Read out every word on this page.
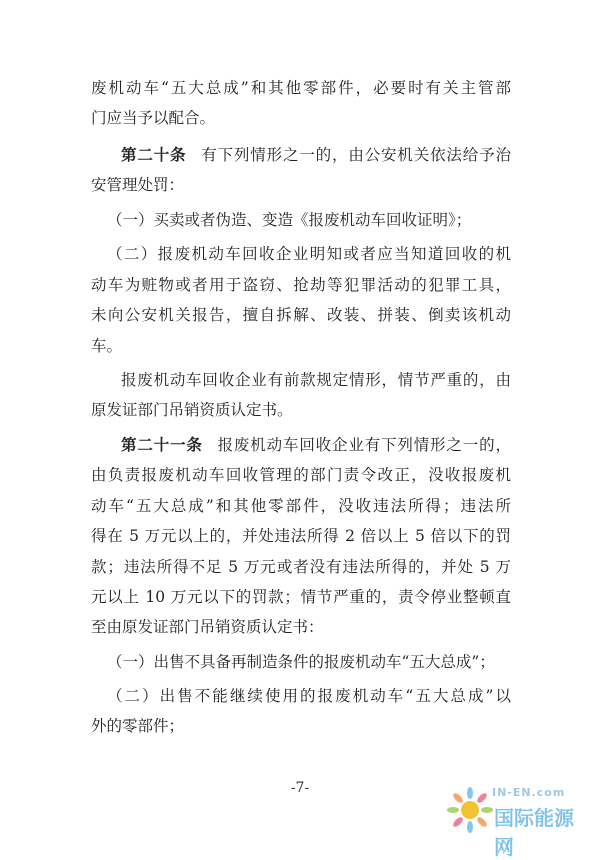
废机动车“五大总成”和其他零部件，必要时有关主管部
门应当予以配合。
第二十条 有下列情形之一的，由公安机关依法给予治
安管理处罚：
（一）买卖或者伪造、变造《报废机动车回收证明》；
（二）报废机动车回收企业明知或者应当知道回收的机
动车为赃物或者用于盗窃、抢劫等犯罪活动的犯罪工具，
未向公安机关报告，擅自拆解、改装、拼装、倒卖该机动
车。
报废机动车回收企业有前款规定情形，情节严重的，由
原发证部门吊销资质认定书。
第二十一条 报废机动车回收企业有下列情形之一的，
由负责报废机动车回收管理的部门责令改正，没收报废机
动车“五大总成”和其他零部件，没收违法所得；违法所
得在 5 万元以上的，并处违法所得 2 倍以上 5 倍以下的罚
款；违法所得不足 5 万元或者没有违法所得的，并处 5 万
元以上 10 万元以下的罚款；情节严重的，责令停业整顿直
至由原发证部门吊销资质认定书：
（一）出售不具备再制造条件的报废机动车“五大总成”；
（二）出售不能继续使用的报废机动车“五大总成”以
外的零部件；
-7-	IN-EN.com
国际能源网
